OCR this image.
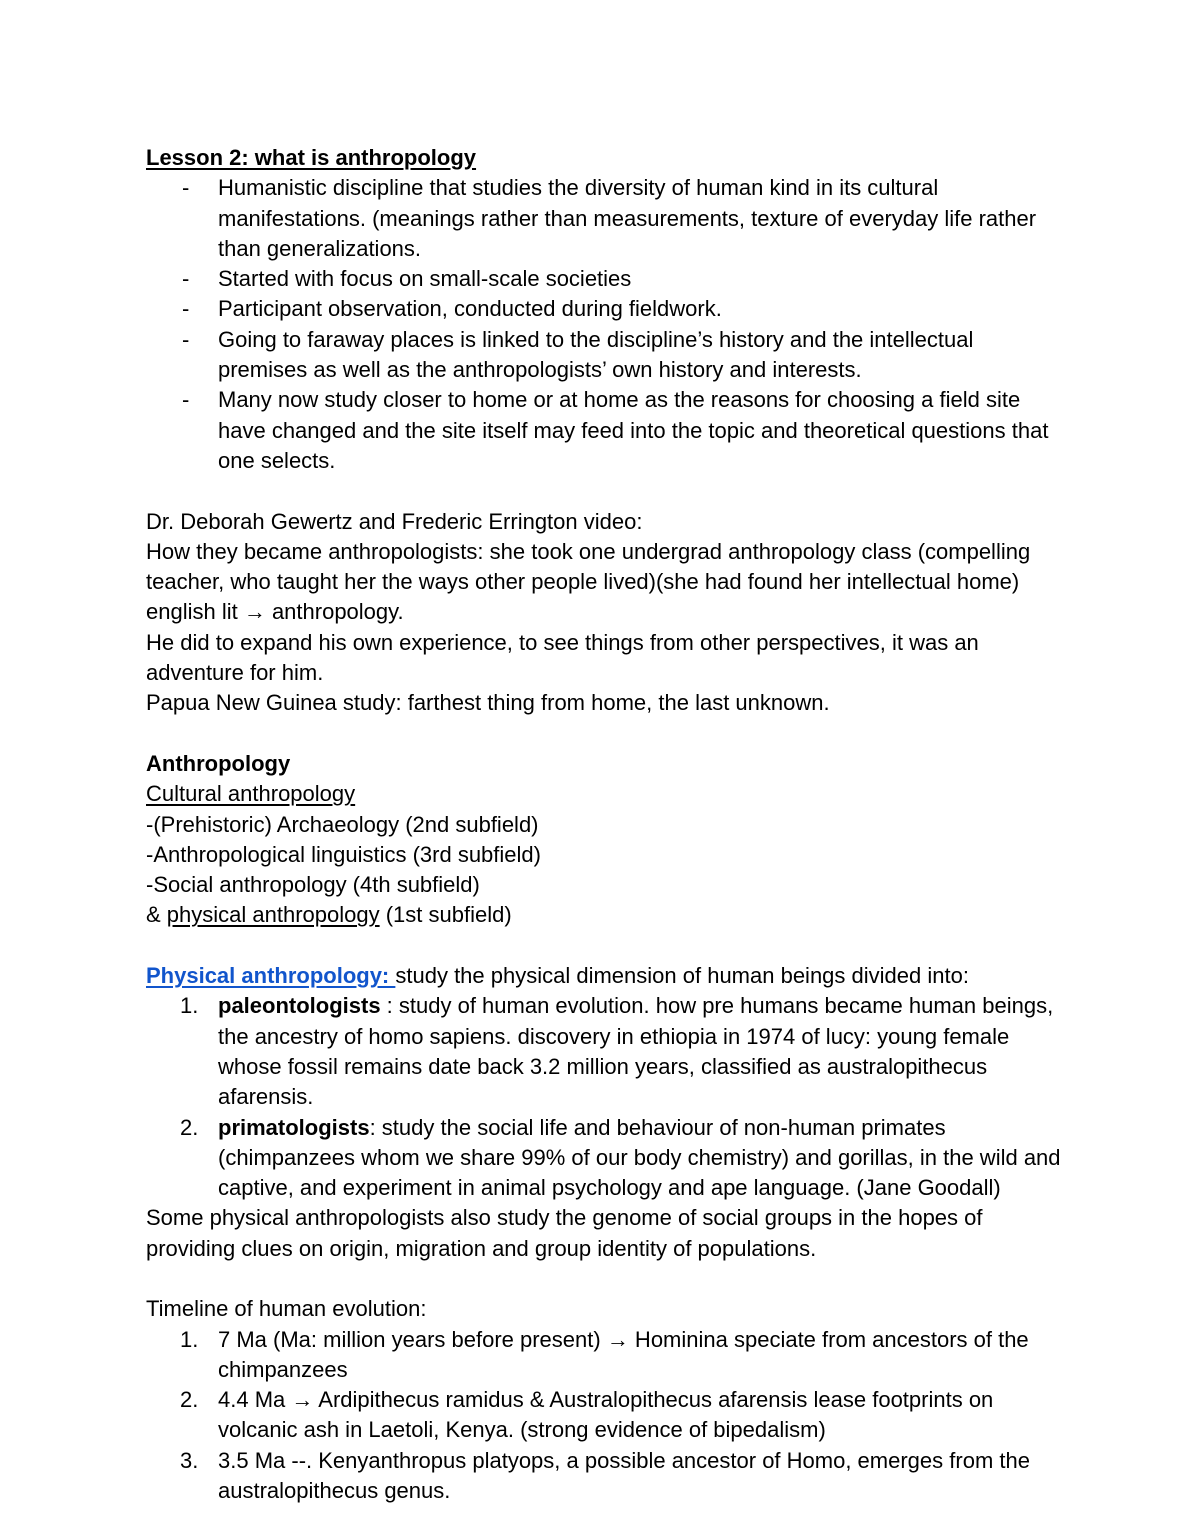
Lesson 2: what is anthropology

- Humanistic discipline that studies the diversity of human kind in its cultural manifestations. (meanings rather than measurements, texture of everyday life rather than generalizations.
- Started with focus on small-scale societies
- Participant observation, conducted during fieldwork.
- Going to faraway places is linked to the discipline’s history and the intellectual premises as well as the anthropologists’ own history and interests.
- Many now study closer to home or at home as the reasons for choosing a field site have changed and the site itself may feed into the topic and theoretical questions that one selects.

Dr. Deborah Gewertz and Frederic Errington video:

How they became anthropologists: she took one undergrad anthropology class (compelling teacher, who taught her the ways other people lived)(she had found her intellectual home) english lit → anthropology.

He did to expand his own experience, to see things from other perspectives, it was an adventure for him.

Papua New Guinea study: farthest thing from home, the last unknown.

Anthropology

Cultural anthropology

-(Prehistoric) Archaeology (2nd subfield)

-Anthropological linguistics (3rd subfield)

-Social anthropology (4th subfield)

& physical anthropology (1st subfield)

Physical anthropology: study the physical dimension of human beings divided into:

1. paleontologists : study of human evolution. how pre humans became human beings, the ancestry of homo sapiens. discovery in ethiopia in 1974 of lucy: young female whose fossil remains date back 3.2 million years, classified as australopithecus afarensis.
2. primatologists: study the social life and behaviour of non-human primates (chimpanzees whom we share 99% of our body chemistry) and gorillas, in the wild and captive, and experiment in animal psychology and ape language. (Jane Goodall)

Some physical anthropologists also study the genome of social groups in the hopes of providing clues on origin, migration and group identity of populations.

Timeline of human evolution:

1. 7 Ma (Ma: million years before present) → Hominina speciate from ancestors of the chimpanzees
2. 4.4 Ma → Ardipithecus ramidus & Australopithecus afarensis lease footprints on volcanic ash in Laetoli, Kenya. (strong evidence of bipedalism)
3. 3.5 Ma --. Kenyanthropus platyops, a possible ancestor of Homo, emerges from the australopithecus genus.
